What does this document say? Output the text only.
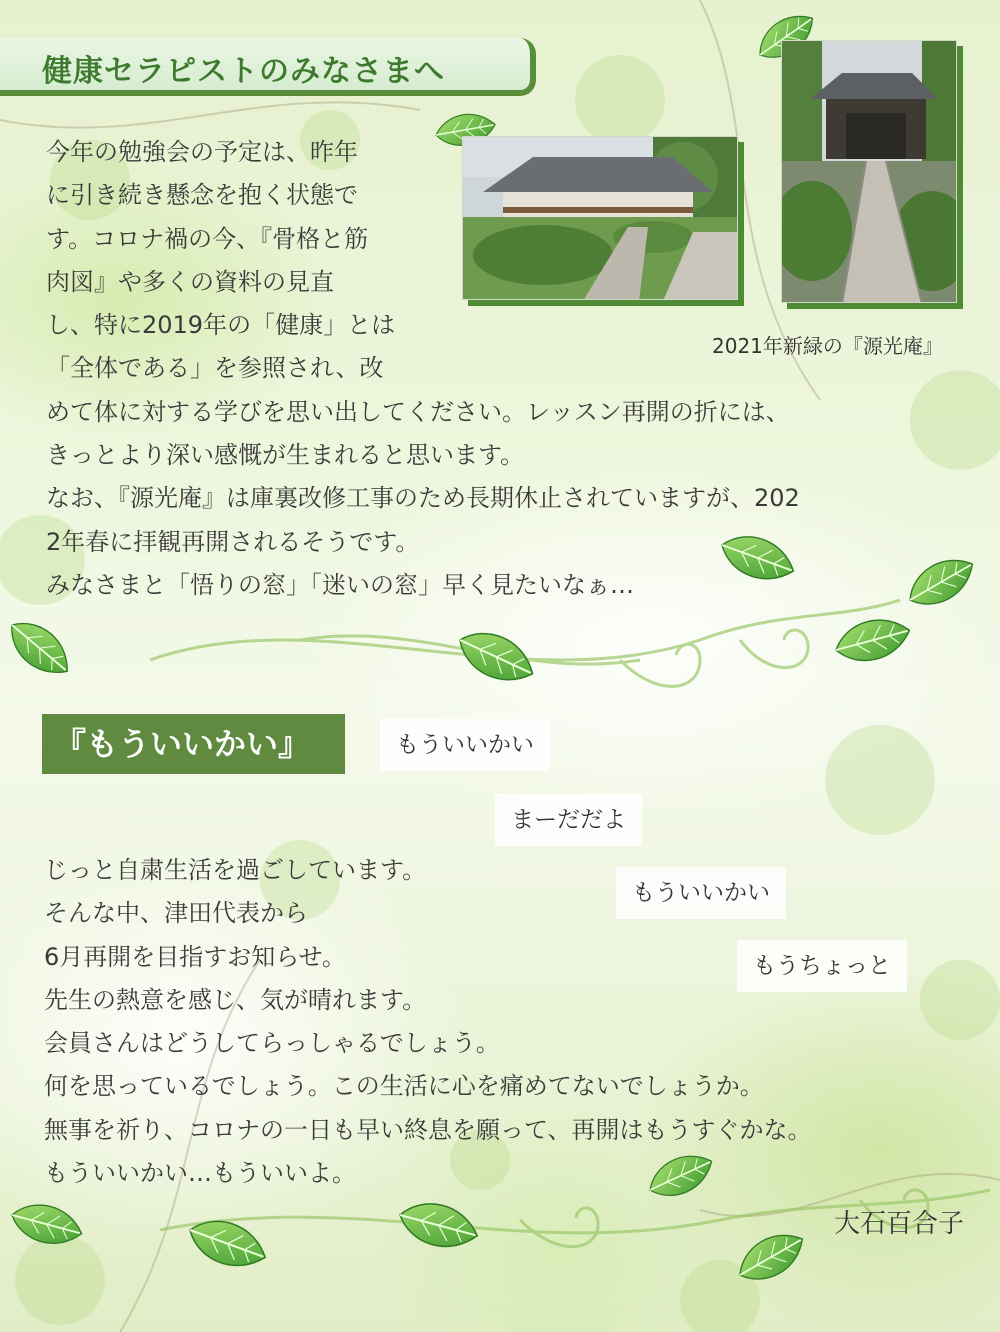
健康セラピストのみなさまへ
今年の勉強会の予定は、昨年
に引き続き懸念を抱く状態で
す。コロナ禍の今、『骨格と筋
肉図』や多くの資料の見直
し、特に2019年の「健康」とは
「全体である」を参照され、改
めて体に対する学びを思い出してください。レッスン再開の折には、
きっとより深い感慨が生まれると思います。
なお、『源光庵』は庫裏改修工事のため長期休止されていますが、202
2年春に拝観再開されるそうです。
みなさまと「悟りの窓」「迷いの窓」早く見たいなぁ…
2021年新緑の『源光庵』
『もういいかい』	もういいかい
まーだだよ
もういいかい
もうちょっと
じっと自粛生活を過ごしています。
そんな中、津田代表から
6月再開を目指すお知らせ。
先生の熱意を感じ、気が晴れます。
会員さんはどうしてらっしゃるでしょう。
何を思っているでしょう。この生活に心を痛めてないでしょうか。
無事を祈り、コロナの一日も早い終息を願って、再開はもうすぐかな。
もういいかい…もういいよ。
大石百合子
